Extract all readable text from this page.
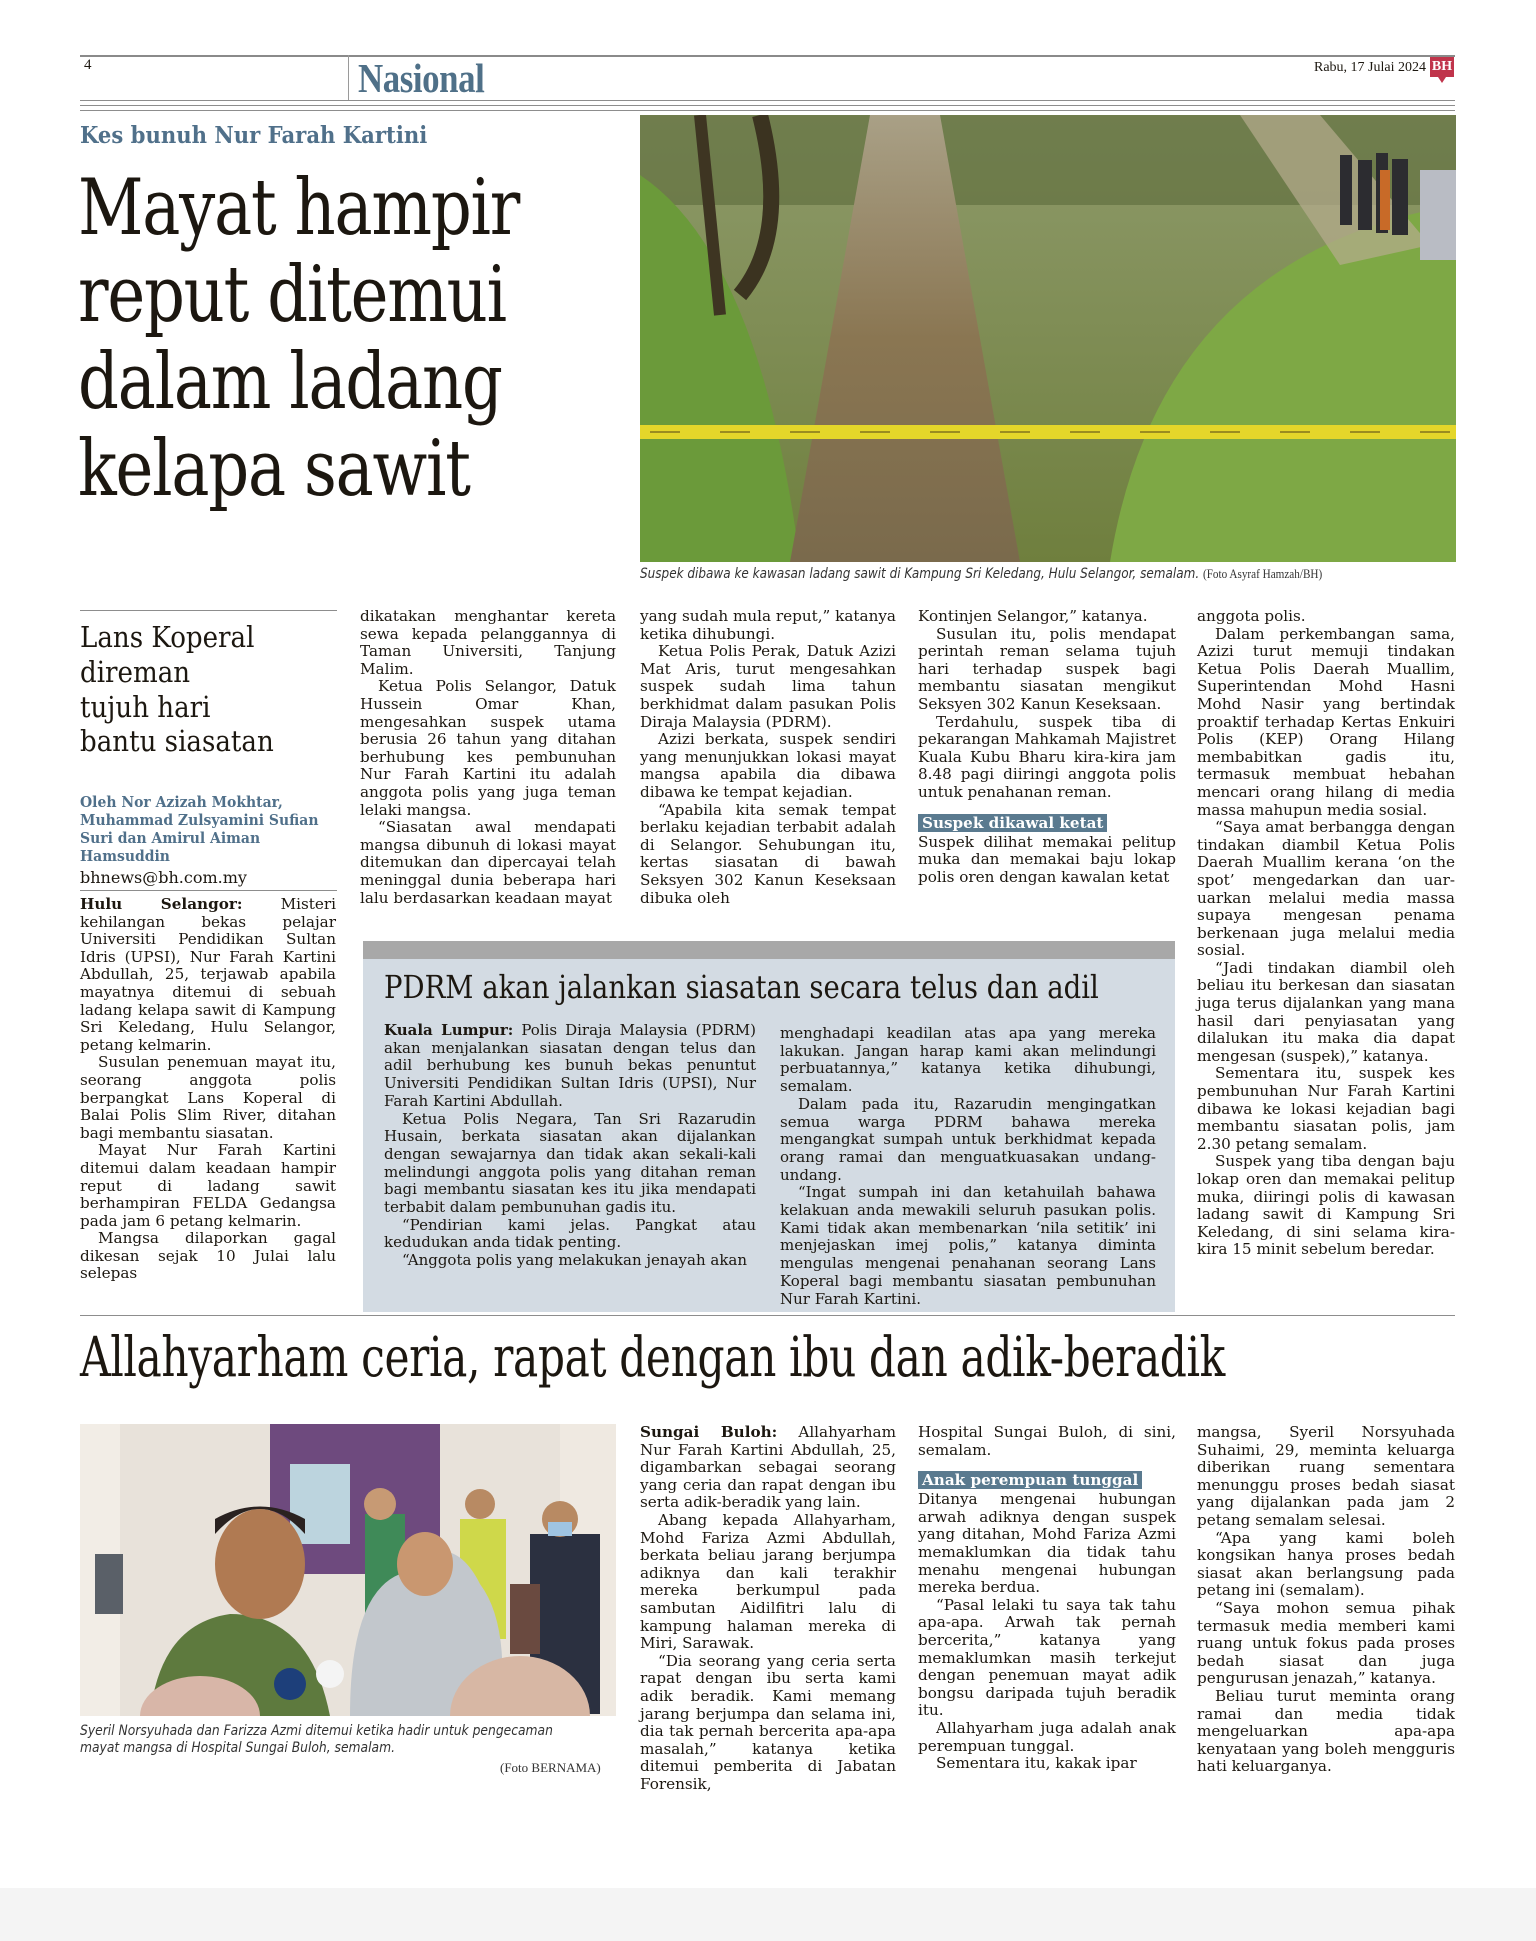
4	Nasional	Rabu, 17 Julai 2024 BH
Kes bunuh Nur Farah Kartini
Mayat hampir
reput ditemui
dalam ladang
kelapa sawit
Suspek dibawa ke kawasan ladang sawit di Kampung Sri Keledang, Hulu Selangor, semalam. (Foto Asyraf Hamzah/BH)
Lans Koperal
direman
tujuh hari
bantu siasatan
Oleh Nor Azizah Mokhtar, Muhammad Zulsyamini Sufian Suri dan Amirul Aiman Hamsuddin
bhnews@bh.com.my

Hulu Selangor: Misteri kehilangan bekas pelajar Universiti Pendidikan Sultan Idris (UPSI), Nur Farah Kartini Abdullah, 25, terjawab apabila mayatnya ditemui di sebuah ladang kelapa sawit di Kampung Sri Keledang, Hulu Selangor, petang kelmarin.

Susulan penemuan mayat itu, seorang anggota polis berpangkat Lans Koperal di Balai Polis Slim River, ditahan bagi membantu siasatan.

Mayat Nur Farah Kartini ditemui dalam keadaan hampir reput di ladang sawit berhampiran FELDA Gedangsa pada jam 6 petang kelmarin.

Mangsa dilaporkan gagal dikesan sejak 10 Julai lalu selepas

dikatakan menghantar kereta sewa kepada pelanggannya di Taman Universiti, Tanjung Malim.

Ketua Polis Selangor, Datuk Hussein Omar Khan, mengesahkan suspek utama berusia 26 tahun yang ditahan berhubung kes pembunuhan Nur Farah Kartini itu adalah anggota polis yang juga teman lelaki mangsa.

“Siasatan awal mendapati mangsa dibunuh di lokasi mayat ditemukan dan dipercayai telah meninggal dunia beberapa hari lalu berdasarkan keadaan mayat

yang sudah mula reput,” katanya ketika dihubungi.

Ketua Polis Perak, Datuk Azizi Mat Aris, turut mengesahkan suspek sudah lima tahun berkhidmat dalam pasukan Polis Diraja Malaysia (PDRM).

Azizi berkata, suspek sendiri yang menunjukkan lokasi mayat mangsa apabila dia dibawa dibawa ke tempat kejadian.

“Apabila kita semak tempat berlaku kejadian terbabit adalah di Selangor. Sehubungan itu, kertas siasatan di bawah Seksyen 302 Kanun Keseksaan dibuka oleh

Kontinjen Selangor,” katanya.

Susulan itu, polis mendapat perintah reman selama tujuh hari terhadap suspek bagi membantu siasatan mengikut Seksyen 302 Kanun Keseksaan.

Terdahulu, suspek tiba di pekarangan Mahkamah Majistret Kuala Kubu Bharu kira-kira jam 8.48 pagi diiringi anggota polis untuk penahanan reman.

Suspek dikawal ketat

Suspek dilihat memakai pelitup muka dan memakai baju lokap polis oren dengan kawalan ketat

anggota polis.

Dalam perkembangan sama, Azizi turut memuji tindakan Ketua Polis Daerah Muallim, Superintendan Mohd Hasni Mohd Nasir yang bertindak proaktif terhadap Kertas Enkuiri Polis (KEP) Orang Hilang membabitkan gadis itu, termasuk membuat hebahan mencari orang hilang di media massa mahupun media sosial.

“Saya amat berbangga dengan tindakan diambil Ketua Polis Daerah Muallim kerana ‘on the spot’ mengedarkan dan uar-uarkan melalui media massa supaya mengesan penama berkenaan juga melalui media sosial.

“Jadi tindakan diambil oleh beliau itu berkesan dan siasatan juga terus dijalankan yang mana hasil dari penyiasatan yang dilalukan itu maka dia dapat mengesan (suspek),” katanya.

Sementara itu, suspek kes pembunuhan Nur Farah Kartini dibawa ke lokasi kejadian bagi membantu siasatan polis, jam 2.30 petang semalam.

Suspek yang tiba dengan baju lokap oren dan memakai pelitup muka, diiringi polis di kawasan ladang sawit di Kampung Sri Keledang, di sini selama kira-kira 15 minit sebelum beredar.

PDRM akan jalankan siasatan secara telus dan adil

Kuala Lumpur: Polis Diraja Malaysia (PDRM) akan menjalankan siasatan dengan telus dan adil berhubung kes bunuh bekas penuntut Universiti Pendidikan Sultan Idris (UPSI), Nur Farah Kartini Abdullah.

Ketua Polis Negara, Tan Sri Razarudin Husain, berkata siasatan akan dijalankan dengan sewajarnya dan tidak akan sekali-kali melindungi anggota polis yang ditahan reman bagi membantu siasatan kes itu jika mendapati terbabit dalam pembunuhan gadis itu.

“Pendirian kami jelas. Pangkat atau kedudukan anda tidak penting.

“Anggota polis yang melakukan jenayah akan

menghadapi keadilan atas apa yang mereka lakukan. Jangan harap kami akan melindungi perbuatannya,” katanya ketika dihubungi, semalam.

Dalam pada itu, Razarudin mengingatkan semua warga PDRM bahawa mereka mengangkat sumpah untuk berkhidmat kepada orang ramai dan menguatkuasakan undang-undang.

“Ingat sumpah ini dan ketahuilah bahawa kelakuan anda mewakili seluruh pasukan polis. Kami tidak akan membenarkan ‘nila setitik’ ini menjejaskan imej polis,” katanya diminta mengulas mengenai penahanan seorang Lans Koperal bagi membantu siasatan pembunuhan Nur Farah Kartini.

Allahyarham ceria, rapat dengan ibu dan adik-beradik
Syeril Norsyuhada dan Farizza Azmi ditemui ketika hadir untuk pengecaman mayat mangsa di Hospital Sungai Buloh, semalam.
(Foto BERNAMA)

Sungai Buloh: Allahyarham Nur Farah Kartini Abdullah, 25, digambarkan sebagai seorang yang ceria dan rapat dengan ibu serta adik-beradik yang lain.

Abang kepada Allahyarham, Mohd Fariza Azmi Abdullah, berkata beliau jarang berjumpa adiknya dan kali terakhir mereka berkumpul pada sambutan Aidilfitri lalu di kampung halaman mereka di Miri, Sarawak.

“Dia seorang yang ceria serta rapat dengan ibu serta kami adik beradik. Kami memang jarang berjumpa dan selama ini, dia tak pernah bercerita apa-apa masalah,” katanya ketika ditemui pemberita di Jabatan Forensik,

Hospital Sungai Buloh, di sini, semalam.

Anak perempuan tunggal

Ditanya mengenai hubungan arwah adiknya dengan suspek yang ditahan, Mohd Fariza Azmi memaklumkan dia tidak tahu menahu mengenai hubungan mereka berdua.

“Pasal lelaki tu saya tak tahu apa-apa. Arwah tak pernah bercerita,” katanya yang memaklumkan masih terkejut dengan penemuan mayat adik bongsu daripada tujuh beradik itu.

Allahyarham juga adalah anak perempuan tunggal.

Sementara itu, kakak ipar

mangsa, Syeril Norsyuhada Suhaimi, 29, meminta keluarga diberikan ruang sementara menunggu proses bedah siasat yang dijalankan pada jam 2 petang semalam selesai.

“Apa yang kami boleh kongsikan hanya proses bedah siasat akan berlangsung pada petang ini (semalam).

“Saya mohon semua pihak termasuk media memberi kami ruang untuk fokus pada proses bedah siasat dan juga pengurusan jenazah,” katanya.

Beliau turut meminta orang ramai dan media tidak mengeluarkan apa-apa kenyataan yang boleh mengguris hati keluarganya.
